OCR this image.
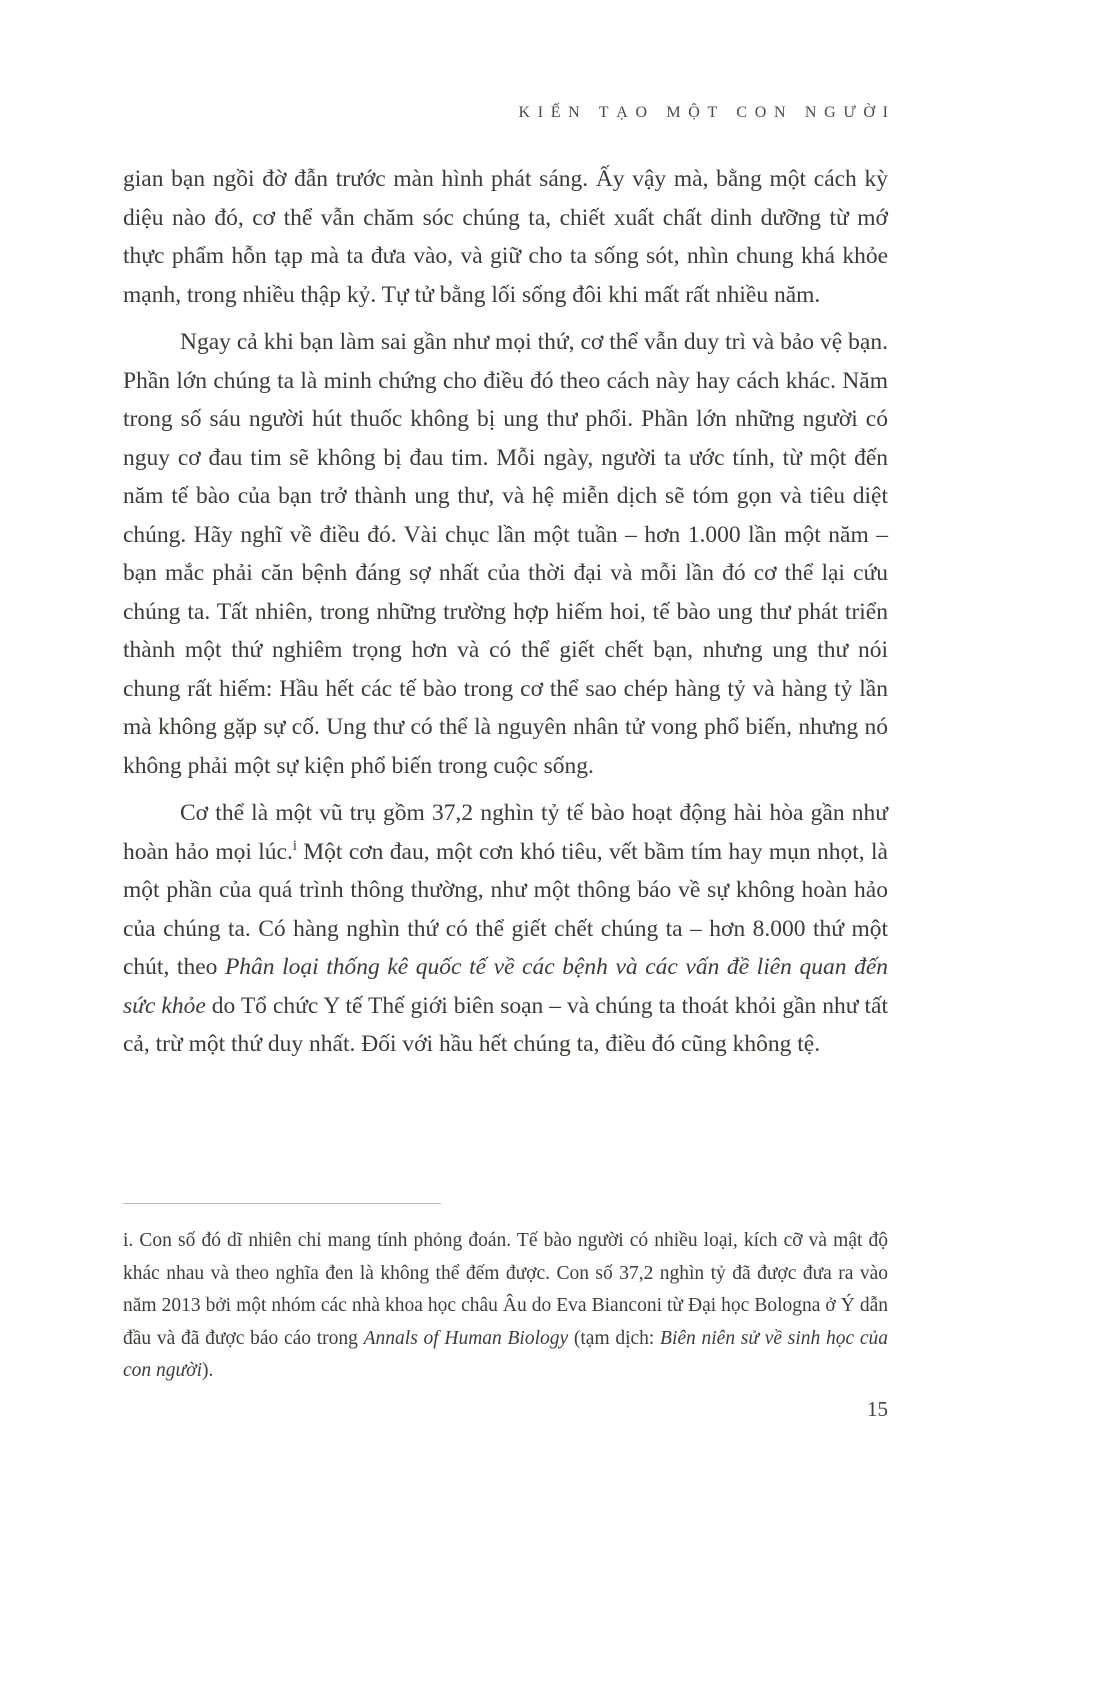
KIẾN TẠO MỘT CON NGƯỜI

gian bạn ngồi đờ đẫn trước màn hình phát sáng. Ấy vậy mà, bằng một cách kỳ diệu nào đó, cơ thể vẫn chăm sóc chúng ta, chiết xuất chất dinh dưỡng từ mớ thực phẩm hỗn tạp mà ta đưa vào, và giữ cho ta sống sót, nhìn chung khá khỏe mạnh, trong nhiều thập kỷ. Tự tử bằng lối sống đôi khi mất rất nhiều năm.

Ngay cả khi bạn làm sai gần như mọi thứ, cơ thể vẫn duy trì và bảo vệ bạn. Phần lớn chúng ta là minh chứng cho điều đó theo cách này hay cách khác. Năm trong số sáu người hút thuốc không bị ung thư phổi. Phần lớn những người có nguy cơ đau tim sẽ không bị đau tim. Mỗi ngày, người ta ước tính, từ một đến năm tế bào của bạn trở thành ung thư, và hệ miễn dịch sẽ tóm gọn và tiêu diệt chúng. Hãy nghĩ về điều đó. Vài chục lần một tuần – hơn 1.000 lần một năm – bạn mắc phải căn bệnh đáng sợ nhất của thời đại và mỗi lần đó cơ thể lại cứu chúng ta. Tất nhiên, trong những trường hợp hiếm hoi, tế bào ung thư phát triển thành một thứ nghiêm trọng hơn và có thể giết chết bạn, nhưng ung thư nói chung rất hiếm: Hầu hết các tế bào trong cơ thể sao chép hàng tỷ và hàng tỷ lần mà không gặp sự cố. Ung thư có thể là nguyên nhân tử vong phổ biến, nhưng nó không phải một sự kiện phổ biến trong cuộc sống.

Cơ thể là một vũ trụ gồm 37,2 nghìn tỷ tế bào hoạt động hài hòa gần như hoàn hảo mọi lúc.$^i$ Một cơn đau, một cơn khó tiêu, vết bầm tím hay mụn nhọt, là một phần của quá trình thông thường, như một thông báo về sự không hoàn hảo của chúng ta. Có hàng nghìn thứ có thể giết chết chúng ta – hơn 8.000 thứ một chút, theo Phân loại thống kê quốc tế về các bệnh và các vấn đề liên quan đến sức khỏe do Tổ chức Y tế Thế giới biên soạn – và chúng ta thoát khỏi gần như tất cả, trừ một thứ duy nhất. Đối với hầu hết chúng ta, điều đó cũng không tệ.

i. Con số đó dĩ nhiên chỉ mang tính phỏng đoán. Tế bào người có nhiều loại, kích cỡ và mật độ khác nhau và theo nghĩa đen là không thể đếm được. Con số 37,2 nghìn tỷ đã được đưa ra vào năm 2013 bởi một nhóm các nhà khoa học châu Âu do Eva Bianconi từ Đại học Bologna ở Ý dẫn đầu và đã được báo cáo trong Annals of Human Biology (tạm dịch: Biên niên sử về sinh học của con người).

15
